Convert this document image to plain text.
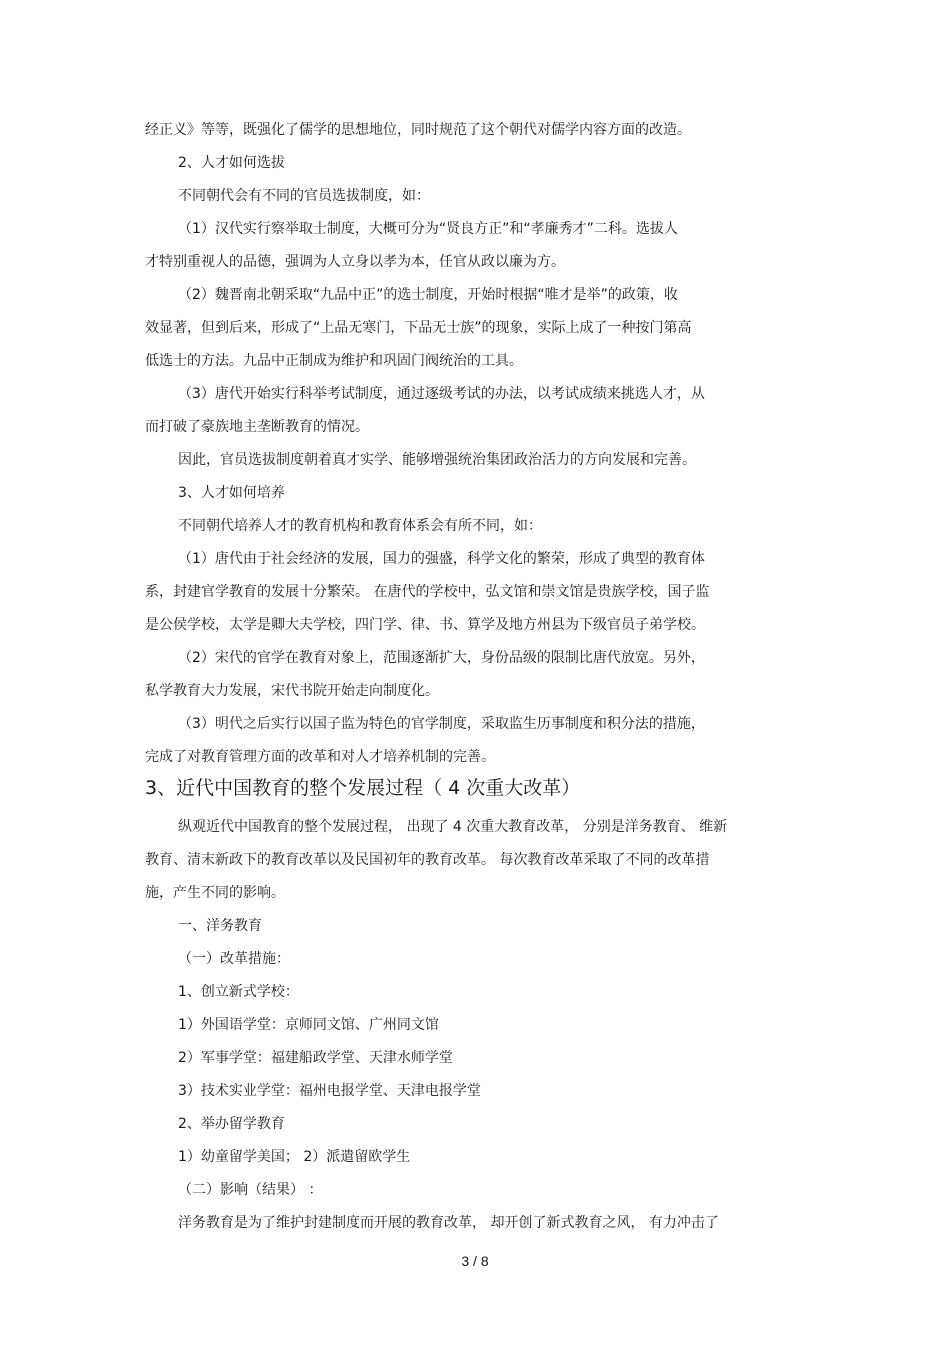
经正义》等等，既强化了儒学的思想地位，同时规范了这个朝代对儒学内容方面的改造。

2、人才如何选拔

不同朝代会有不同的官员选拔制度，如：

（1）汉代实行察举取士制度，大概可分为“贤良方正”和“孝廉秀才”二科。选拔人

才特别重视人的品德，强调为人立身以孝为本，任官从政以廉为方。

（2）魏晋南北朝采取“九品中正”的选士制度，开始时根据“唯才是举”的政策，收

效显著，但到后来，形成了“上品无寒门，下品无士族”的现象，实际上成了一种按门第高

低选士的方法。九品中正制成为维护和巩固门阀统治的工具。

（3）唐代开始实行科举考试制度，通过逐级考试的办法，以考试成绩来挑选人才，从

而打破了豪族地主垄断教育的情况。

因此，官员选拔制度朝着真才实学、能够增强统治集团政治活力的方向发展和完善。

3、人才如何培养

不同朝代培养人才的教育机构和教育体系会有所不同，如：

（1）唐代由于社会经济的发展，国力的强盛，科学文化的繁荣，形成了典型的教育体

系，封建官学教育的发展十分繁荣。 在唐代的学校中，弘文馆和崇文馆是贵族学校，国子监

是公侯学校，太学是卿大夫学校，四门学、律、书、算学及地方州县为下级官员子弟学校。

（2）宋代的官学在教育对象上，范围逐渐扩大，身份品级的限制比唐代放宽。另外，

私学教育大力发展，宋代书院开始走向制度化。

（3）明代之后实行以国子监为特色的官学制度，采取监生历事制度和积分法的措施，

完成了对教育管理方面的改革和对人才培养机制的完善。

3、近代中国教育的整个发展过程（ 4 次重大改革）

纵观近代中国教育的整个发展过程， 出现了 4 次重大教育改革， 分别是洋务教育、 维新

教育、清末新政下的教育改革以及民国初年的教育改革。 每次教育改革采取了不同的改革措

施，产生不同的影响。

一、洋务教育

（一）改革措施：

1、创立新式学校：

1）外国语学堂：京师同文馆、广州同文馆

2）军事学堂：福建船政学堂、天津水师学堂

3）技术实业学堂：福州电报学堂、天津电报学堂

2、举办留学教育

1）幼童留学美国； 2）派遣留欧学生

（二）影响（结果） ：

洋务教育是为了维护封建制度而开展的教育改革， 却开创了新式教育之风， 有力冲击了

3 / 8
